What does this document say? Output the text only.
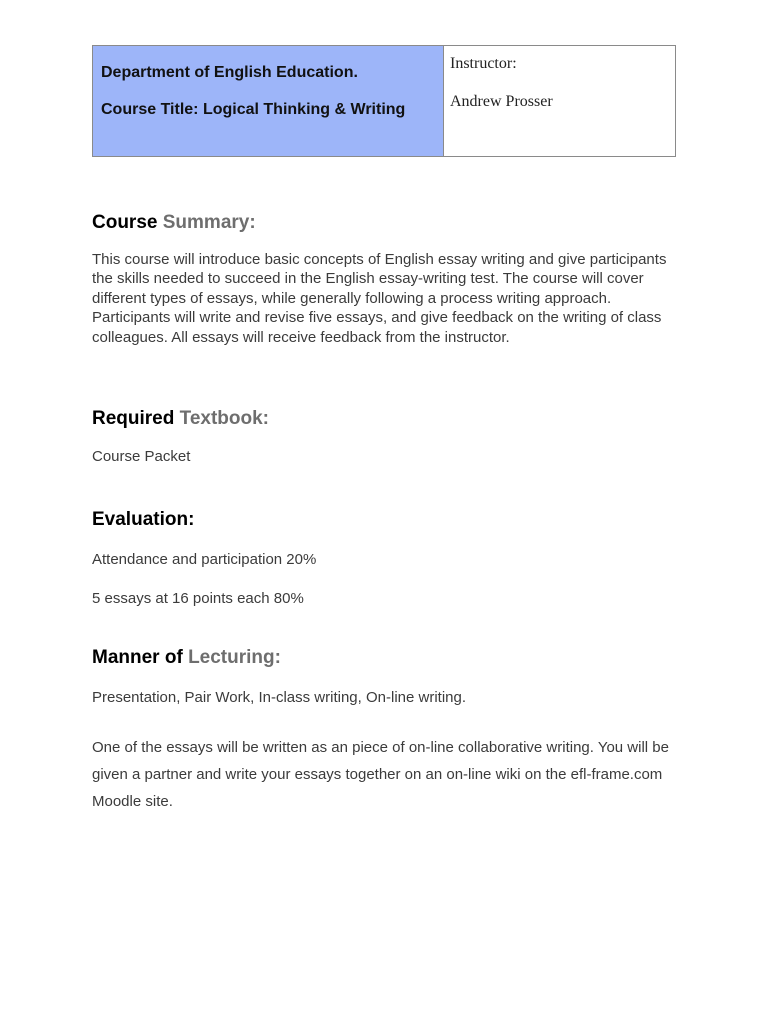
Department of English Education.
Course Title: Logical Thinking & Writing
Instructor:
Andrew Prosser
Course Summary:

This course will introduce basic concepts of English essay writing and give participants the skills needed to succeed in the English essay-writing test. The course will cover different types of essays, while generally following a process writing approach. Participants will write and revise five essays, and give feedback on the writing of class colleagues. All essays will receive feedback from the instructor.

Required Textbook:

Course Packet

Evaluation:

Attendance and participation 20%

5 essays at 16 points each 80%

Manner of Lecturing:

Presentation, Pair Work, In-class writing, On-line writing.

One of the essays will be written as an piece of on-line collaborative writing. You will be given a partner and write your essays together on an on-line wiki on the efl-frame.com Moodle site.
